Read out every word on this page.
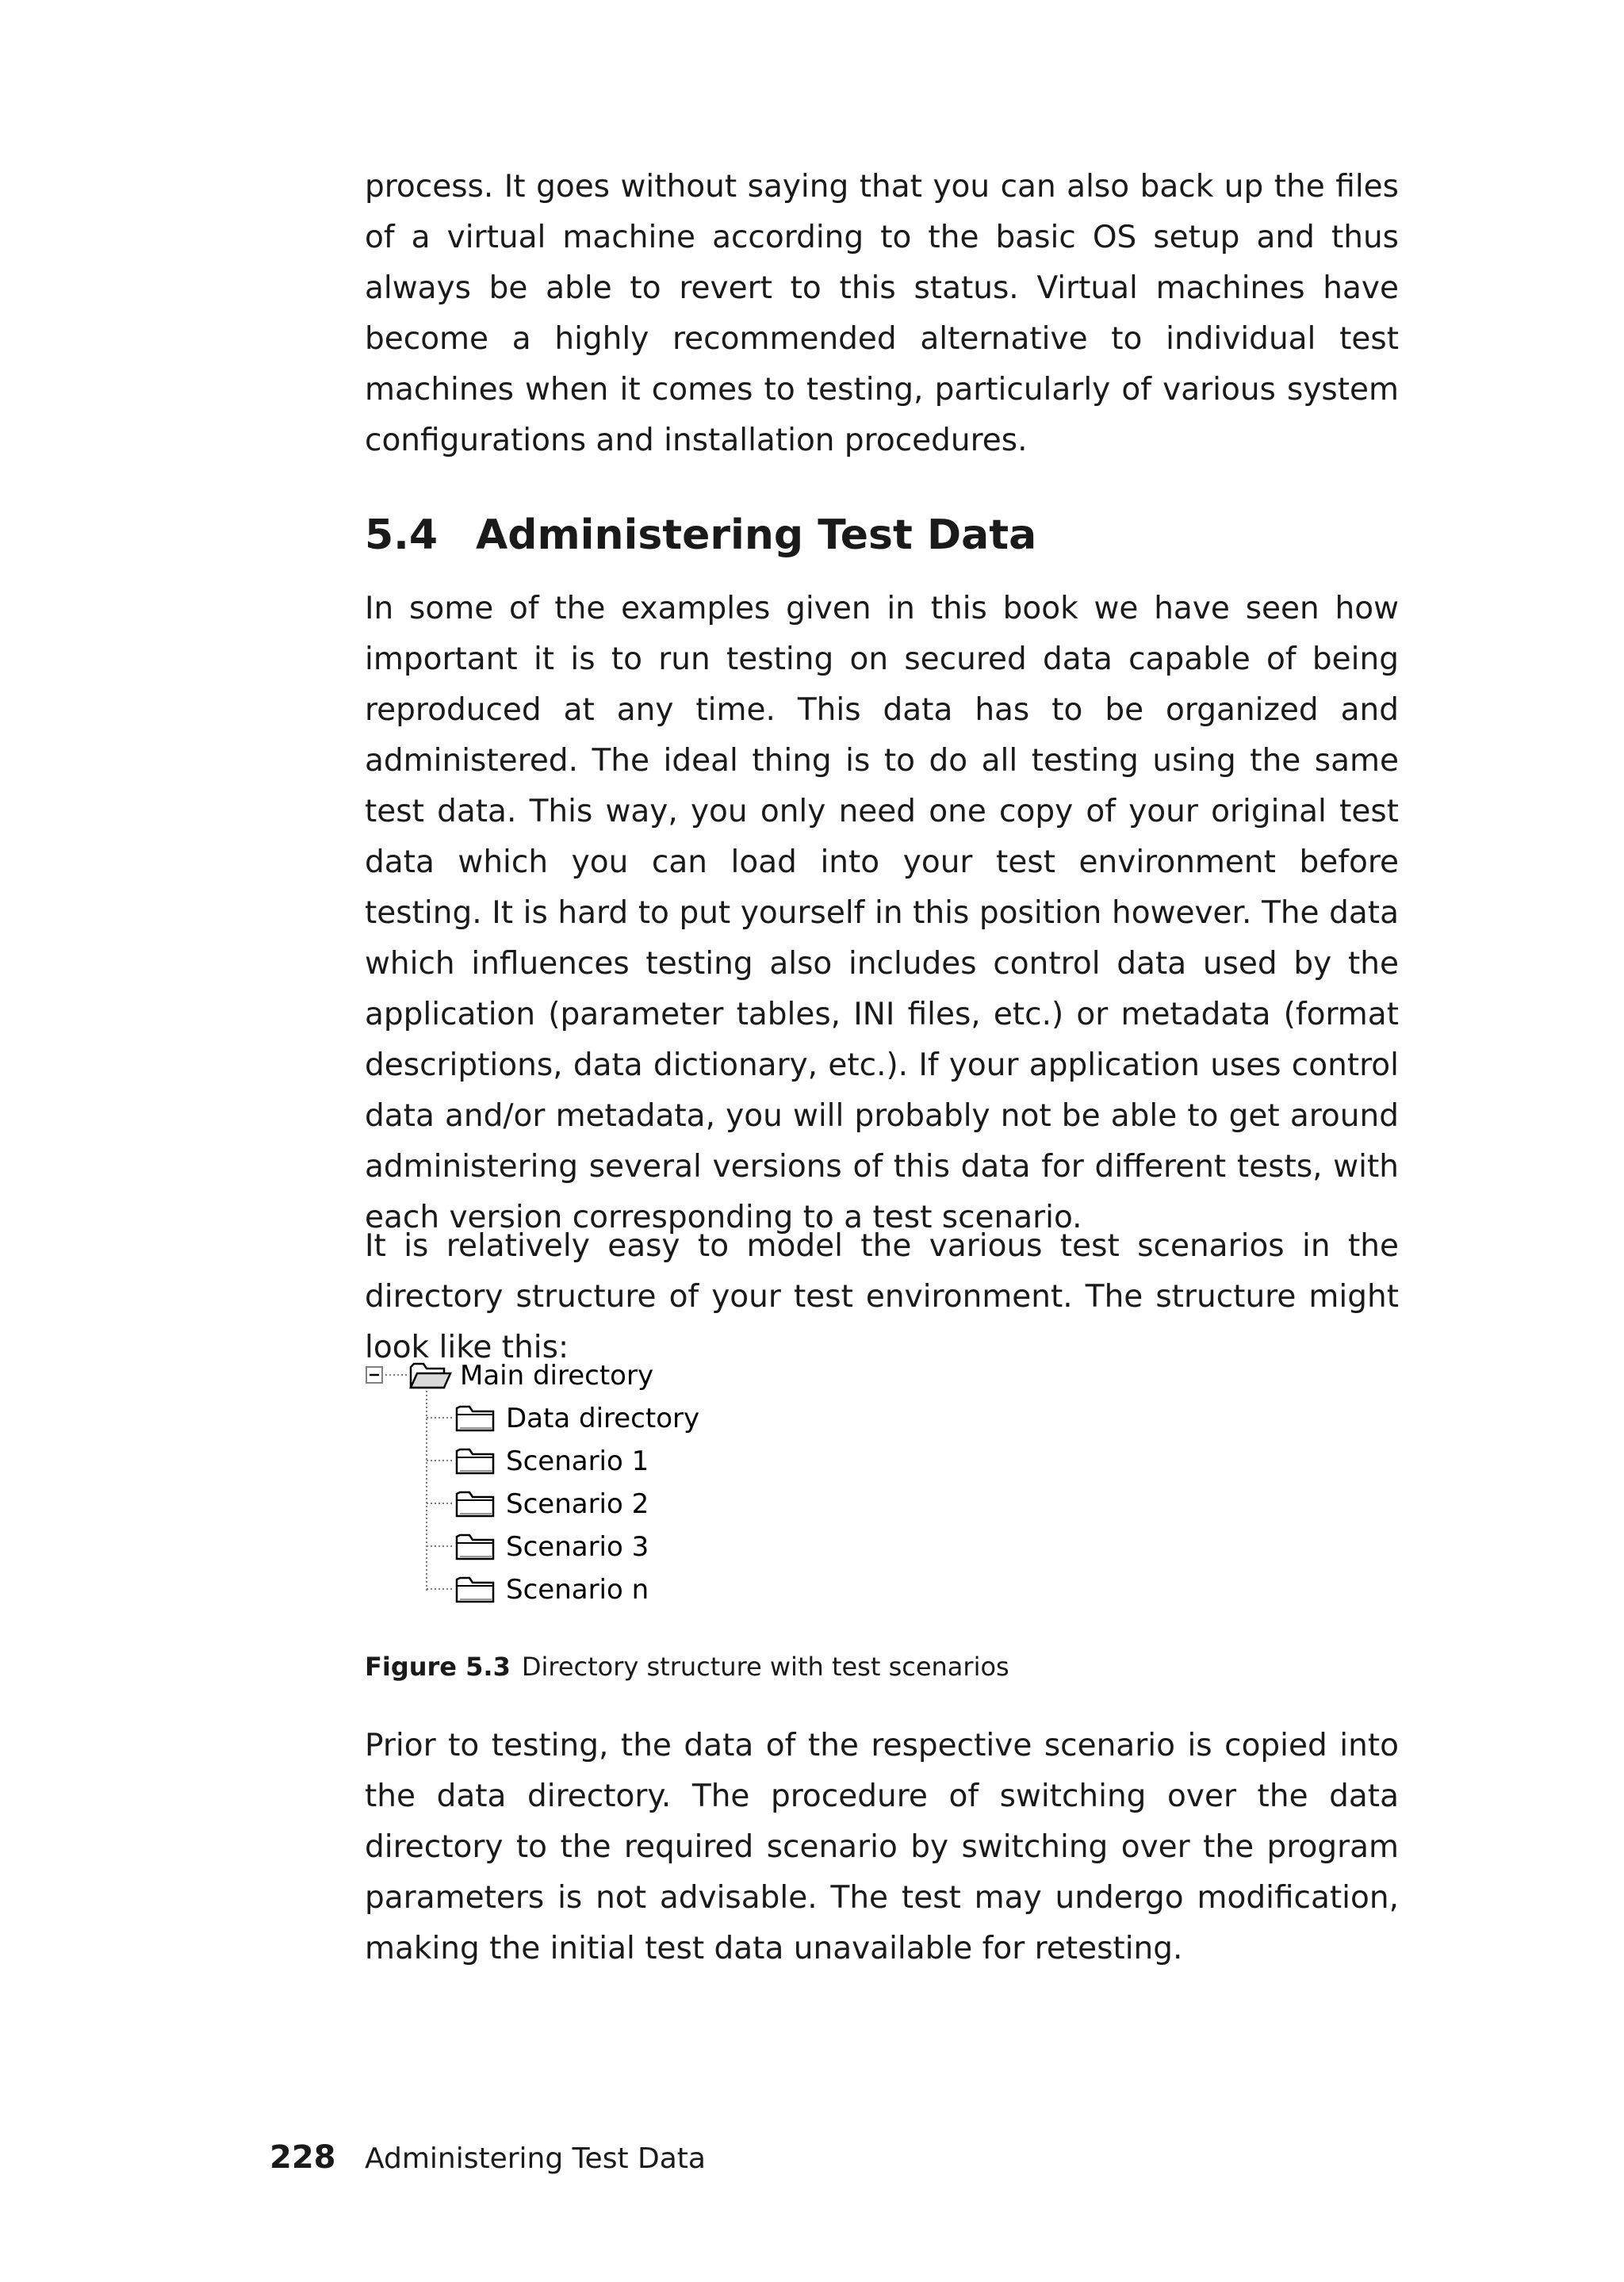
process. It goes without saying that you can also back up the files of a virtual machine according to the basic OS setup and thus always be able to revert to this status. Virtual machines have become a highly recommended alternative to individual test machines when it comes to testing, particularly of various system configurations and installation procedures.

5.4 Administering Test Data

In some of the examples given in this book we have seen how important it is to run testing on secured data capable of being reproduced at any time. This data has to be organized and administered. The ideal thing is to do all testing using the same test data. This way, you only need one copy of your original test data which you can load into your test environment before testing. It is hard to put yourself in this position however. The data which influences testing also includes control data used by the application (parameter tables, INI files, etc.) or metadata (format descriptions, data dictionary, etc.). If your application uses control data and/or metadata, you will probably not be able to get around administering several versions of this data for different tests, with each version corresponding to a test scenario.

It is relatively easy to model the various test scenarios in the directory structure of your test environment. The structure might look like this:

Main directory
Data directory
Scenario 1
Scenario 2
Scenario 3
Scenario n

Figure 5.3 Directory structure with test scenarios

Prior to testing, the data of the respective scenario is copied into the data directory. The procedure of switching over the data directory to the required scenario by switching over the program parameters is not advisable. The test may undergo modification, making the initial test data unavailable for retesting.

228	Administering Test Data
